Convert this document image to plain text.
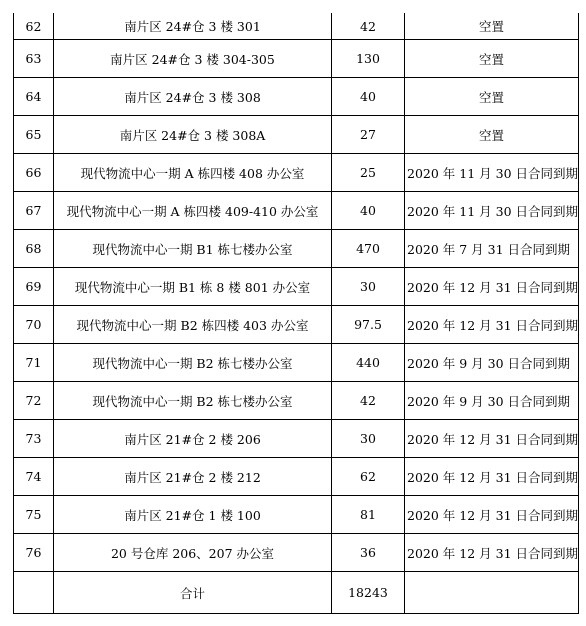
62	南片区 24#仓 3 楼 301	42	空置
63	南片区 24#仓 3 楼 304-305	130	空置
64	南片区 24#仓 3 楼 308	40	空置
65	南片区 24#仓 3 楼 308A	27	空置
66	现代物流中心一期 A 栋四楼 408 办公室	25	2020 年 11 月 30 日合同到期
67	现代物流中心一期 A 栋四楼 409-410 办公室	40	2020 年 11 月 30 日合同到期
68	现代物流中心一期 B1 栋七楼办公室	470	2020 年 7 月 31 日合同到期
69	现代物流中心一期 B1 栋 8 楼 801 办公室	30	2020 年 12 月 31 日合同到期
70	现代物流中心一期 B2 栋四楼 403 办公室	97.5	2020 年 12 月 31 日合同到期
71	现代物流中心一期 B2 栋七楼办公室	440	2020 年 9 月 30 日合同到期
72	现代物流中心一期 B2 栋七楼办公室	42	2020 年 9 月 30 日合同到期
73	南片区 21#仓 2 楼 206	30	2020 年 12 月 31 日合同到期
74	南片区 21#仓 2 楼 212	62	2020 年 12 月 31 日合同到期
75	南片区 21#仓 1 楼 100	81	2020 年 12 月 31 日合同到期
76	20 号仓库 206、207 办公室	36	2020 年 12 月 31 日合同到期
	合计	18243	
